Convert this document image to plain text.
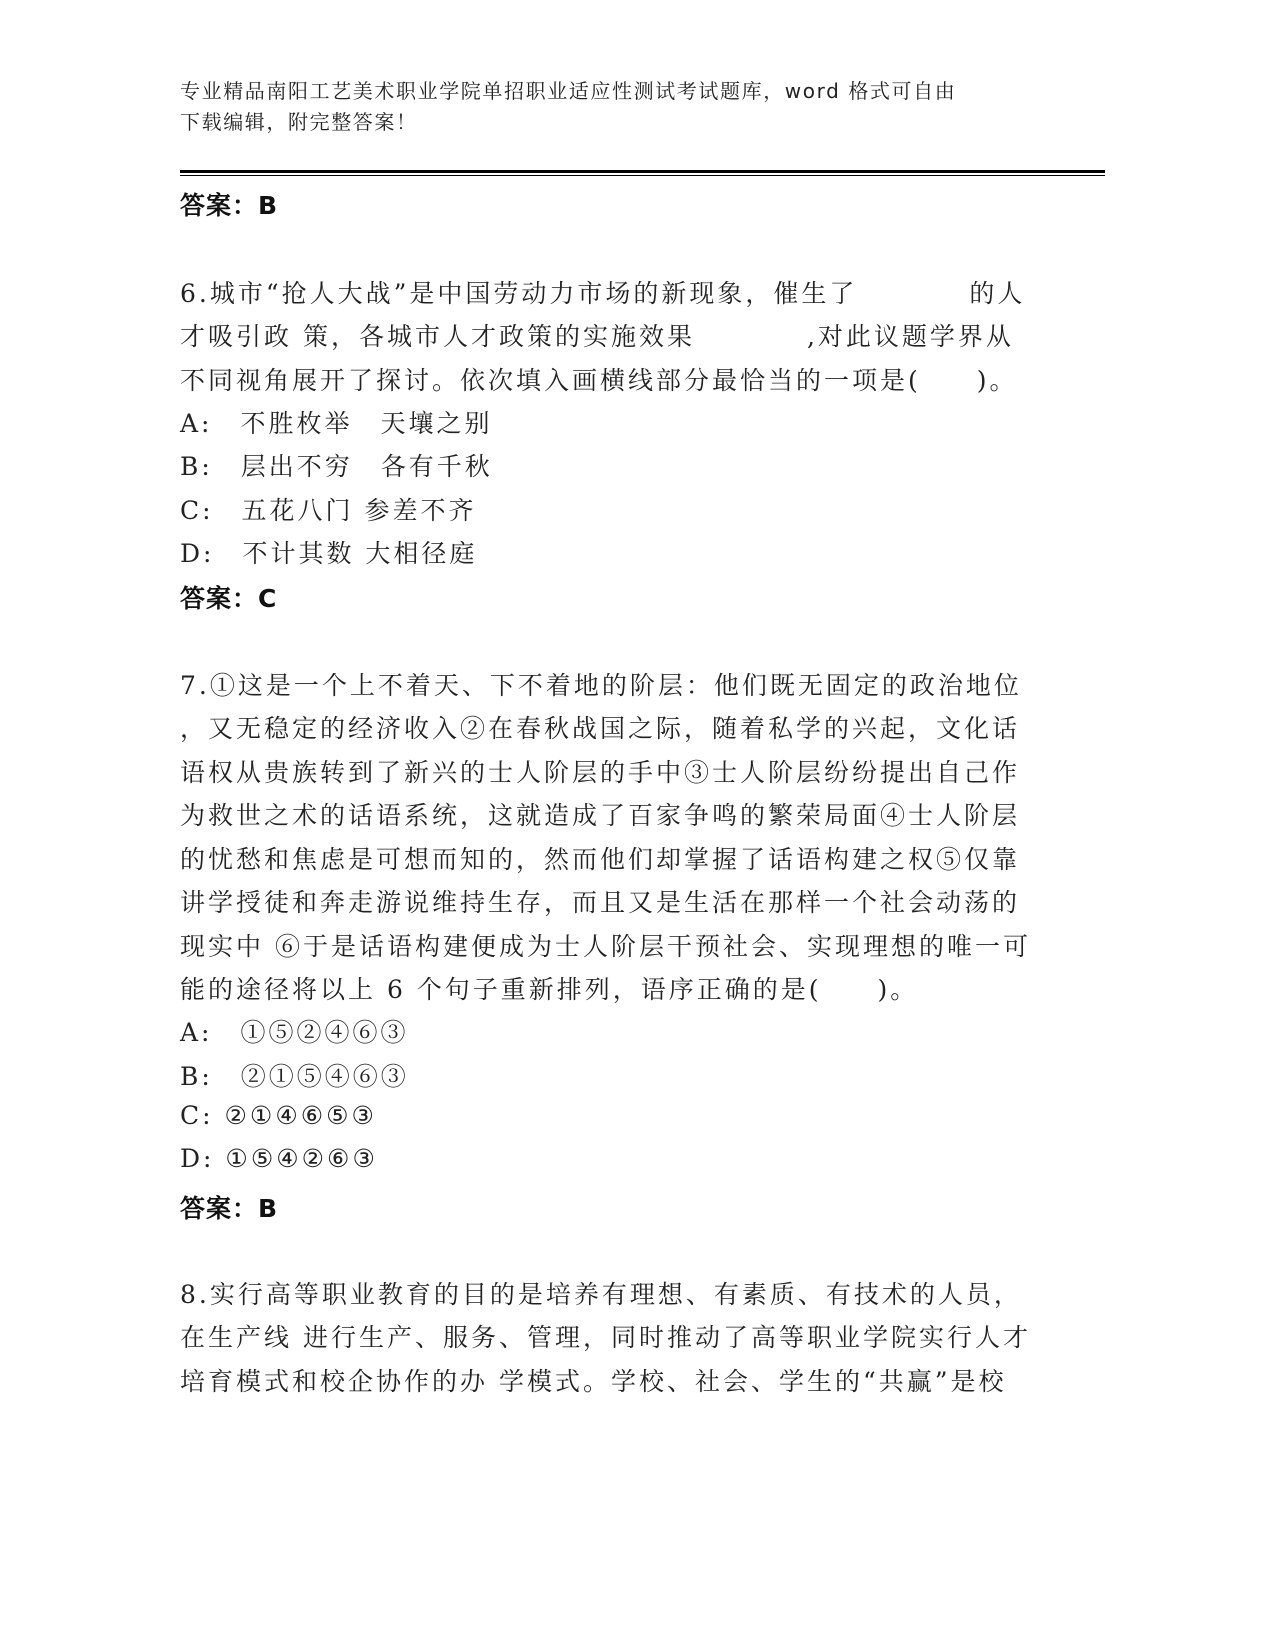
专业精品南阳工艺美术职业学院单招职业适应性测试考试题库，word 格式可自由
下载编辑，附完整答案！
答案：B
6.城市“抢人大战”是中国劳动力市场的新现象，催生了　　　　的人
才吸引政 策，各城市人才政策的实施效果　　　　,对此议题学界从
不同视角展开了探讨。依次填入画横线部分最恰当的一项是(　　)。
A:　不胜枚举　天壤之别
B:　层出不穷　各有千秋
C:　五花八门 参差不齐
D:　不计其数 大相径庭
答案：C
7.①这是一个上不着天、下不着地的阶层：他们既无固定的政治地位
，又无稳定的经济收入②在春秋战国之际，随着私学的兴起，文化话
语权从贵族转到了新兴的士人阶层的手中③士人阶层纷纷提出自己作
为救世之术的话语系统，这就造成了百家争鸣的繁荣局面④士人阶层
的忧愁和焦虑是可想而知的，然而他们却掌握了话语构建之权⑤仅靠
讲学授徒和奔走游说维持生存，而且又是生活在那样一个社会动荡的
现实中 ⑥于是话语构建便成为士人阶层干预社会、实现理想的唯一可
能的途径将以上 6 个句子重新排列，语序正确的是(　　)。
A:　①⑤②④⑥③
B:　②①⑤④⑥③
C: ②①④⑥⑤③
D: ①⑤④②⑥③
答案：B
8.实行高等职业教育的目的是培养有理想、有素质、有技术的人员，
在生产线 进行生产、服务、管理，同时推动了高等职业学院实行人才
培育模式和校企协作的办 学模式。学校、社会、学生的“共赢”是校
